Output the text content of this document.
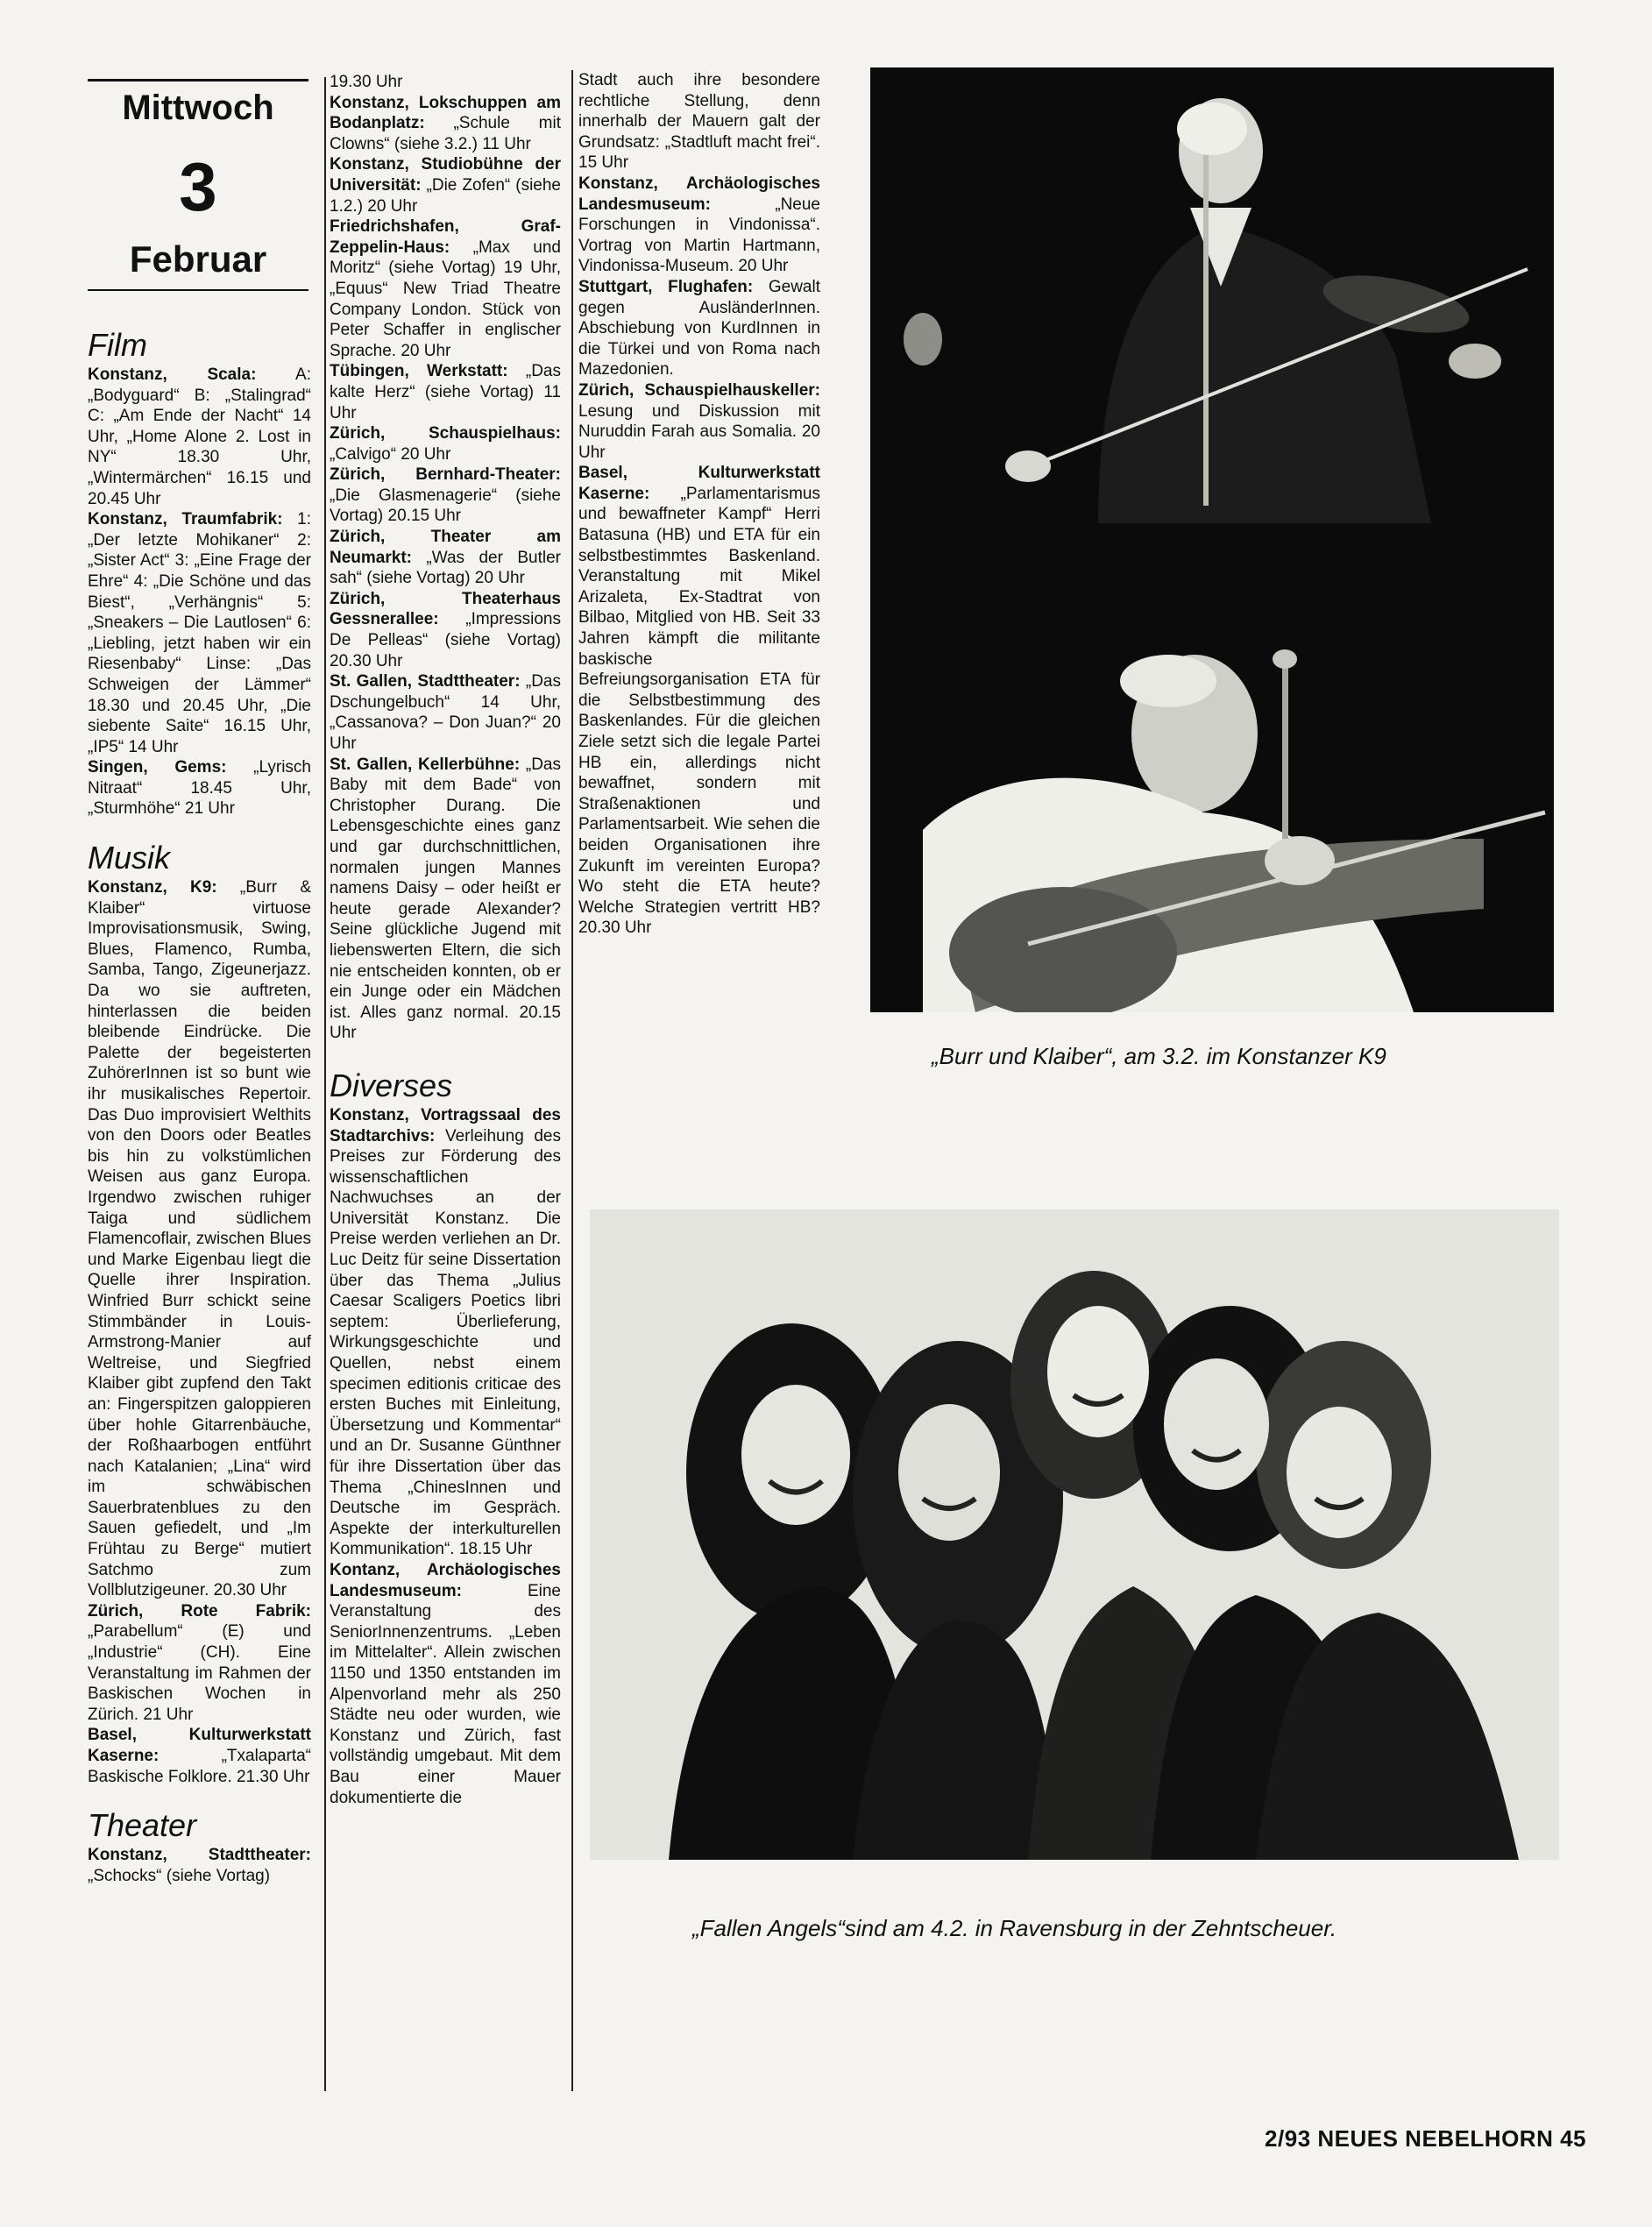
Mittwoch
3
Februar
Film

Konstanz, Scala: A: „Bodyguard“ B: „Stalingrad“ C: „Am Ende der Nacht“ 14 Uhr, „Home Alone 2. Lost in NY“ 18.30 Uhr, „Wintermärchen“ 16.15 und 20.45 Uhr

Konstanz, Traumfabrik: 1: „Der letzte Mohikaner“ 2: „Sister Act“ 3: „Eine Frage der Ehre“ 4: „Die Schöne und das Biest“, „Verhängnis“ 5: „Sneakers – Die Lautlosen“ 6: „Liebling, jetzt haben wir ein Riesenbaby“ Linse: „Das Schweigen der Lämmer“ 18.30 und 20.45 Uhr, „Die siebente Saite“ 16.15 Uhr, „IP5“ 14 Uhr

Singen, Gems: „Lyrisch Nitraat“ 18.45 Uhr, „Sturmhöhe“ 21 Uhr

Musik

Konstanz, K9: „Burr & Klaiber“ virtuose Improvisationsmusik, Swing, Blues, Flamenco, Rumba, Samba, Tango, Zigeunerjazz. Da wo sie auftreten, hinterlassen die beiden bleibende Eindrücke. Die Palette der begeisterten ZuhörerInnen ist so bunt wie ihr musikalisches Repertoir. Das Duo improvisiert Welthits von den Doors oder Beatles bis hin zu volkstümlichen Weisen aus ganz Europa. Irgendwo zwischen ruhiger Taiga und südlichem Flamencoflair, zwischen Blues und Marke Eigenbau liegt die Quelle ihrer Inspiration. Winfried Burr schickt seine Stimmbänder in Louis-Armstrong-Manier auf Weltreise, und Siegfried Klaiber gibt zupfend den Takt an: Fingerspitzen galoppieren über hohle Gitarrenbäuche, der Roßhaarbogen entführt nach Katalanien; „Lina“ wird im schwäbischen Sauerbratenblues zu den Sauen gefiedelt, und „Im Frühtau zu Berge“ mutiert Satchmo zum Vollblutzigeuner. 20.30 Uhr

Zürich, Rote Fabrik: „Parabellum“ (E) und „Industrie“ (CH). Eine Veranstaltung im Rahmen der Baskischen Wochen in Zürich. 21 Uhr

Basel, Kulturwerkstatt Kaserne: „Txalaparta“ Baskische Folklore. 21.30 Uhr

Theater

Konstanz, Stadttheater: „Schocks“ (siehe Vortag)

19.30 Uhr

Konstanz, Lokschuppen am Bodanplatz: „Schule mit Clowns“ (siehe 3.2.) 11 Uhr

Konstanz, Studiobühne der Universität: „Die Zofen“ (siehe 1.2.) 20 Uhr

Friedrichshafen, Graf-Zeppelin-Haus: „Max und Moritz“ (siehe Vortag) 19 Uhr, „Equus“ New Triad Theatre Company London. Stück von Peter Schaffer in englischer Sprache. 20 Uhr

Tübingen, Werkstatt: „Das kalte Herz“ (siehe Vortag) 11 Uhr

Zürich, Schauspielhaus: „Calvigo“ 20 Uhr

Zürich, Bernhard-Theater: „Die Glasmenagerie“ (siehe Vortag) 20.15 Uhr

Zürich, Theater am Neumarkt: „Was der Butler sah“ (siehe Vortag) 20 Uhr

Zürich, Theaterhaus Gessnerallee: „Impressions De Pelleas“ (siehe Vortag) 20.30 Uhr

St. Gallen, Stadttheater: „Das Dschungelbuch“ 14 Uhr, „Cassanova? – Don Juan?“ 20 Uhr

St. Gallen, Kellerbühne: „Das Baby mit dem Bade“ von Christopher Durang. Die Lebensgeschichte eines ganz und gar durchschnittlichen, normalen jungen Mannes namens Daisy – oder heißt er heute gerade Alexander? Seine glückliche Jugend mit liebenswerten Eltern, die sich nie entscheiden konnten, ob er ein Junge oder ein Mädchen ist. Alles ganz normal. 20.15 Uhr

Diverses

Konstanz, Vortragssaal des Stadtarchivs: Verleihung des Preises zur Förderung des wissenschaftlichen Nachwuchses an der Universität Konstanz. Die Preise werden verliehen an Dr. Luc Deitz für seine Dissertation über das Thema „Julius Caesar Scaligers Poetics libri septem: Überlieferung, Wirkungsgeschichte und Quellen, nebst einem specimen editionis criticae des ersten Buches mit Einleitung, Übersetzung und Kommentar“ und an Dr. Susanne Günthner für ihre Dissertation über das Thema „ChinesInnen und Deutsche im Gespräch. Aspekte der interkulturellen Kommunikation“. 18.15 Uhr

Kontanz, Archäologisches Landesmuseum: Eine Veranstaltung des SeniorInnenzentrums. „Leben im Mittelalter“. Allein zwischen 1150 und 1350 entstanden im Alpenvorland mehr als 250 Städte neu oder wurden, wie Konstanz und Zürich, fast vollständig umgebaut. Mit dem Bau einer Mauer dokumentierte die

Stadt auch ihre besondere rechtliche Stellung, denn innerhalb der Mauern galt der Grundsatz: „Stadtluft macht frei“. 15 Uhr

Konstanz, Archäologisches Landesmuseum: „Neue Forschungen in Vindonissa“. Vortrag von Martin Hartmann, Vindonissa-Museum. 20 Uhr

Stuttgart, Flughafen: Gewalt gegen AusländerInnen. Abschiebung von KurdInnen in die Türkei und von Roma nach Mazedonien.

Zürich, Schauspielhauskeller: Lesung und Diskussion mit Nuruddin Farah aus Somalia. 20 Uhr

Basel, Kulturwerkstatt Kaserne: „Parlamentarismus und bewaffneter Kampf“ Herri Batasuna (HB) und ETA für ein selbstbestimmtes Baskenland. Veranstaltung mit Mikel Arizaleta, Ex-Stadtrat von Bilbao, Mitglied von HB. Seit 33 Jahren kämpft die militante baskische Befreiungsorganisation ETA für die Selbstbestimmung des Baskenlandes. Für die gleichen Ziele setzt sich die legale Partei HB ein, allerdings nicht bewaffnet, sondern mit Straßenaktionen und Parlamentsarbeit. Wie sehen die beiden Organisationen ihre Zukunft im vereinten Europa? Wo steht die ETA heute? Welche Strategien vertritt HB? 20.30 Uhr

„Burr und Klaiber“, am 3.2. im Konstanzer K9
„Fallen Angels“sind am 4.2. in Ravensburg in der Zehntscheuer.
2/93 NEUES NEBELHORN 45
